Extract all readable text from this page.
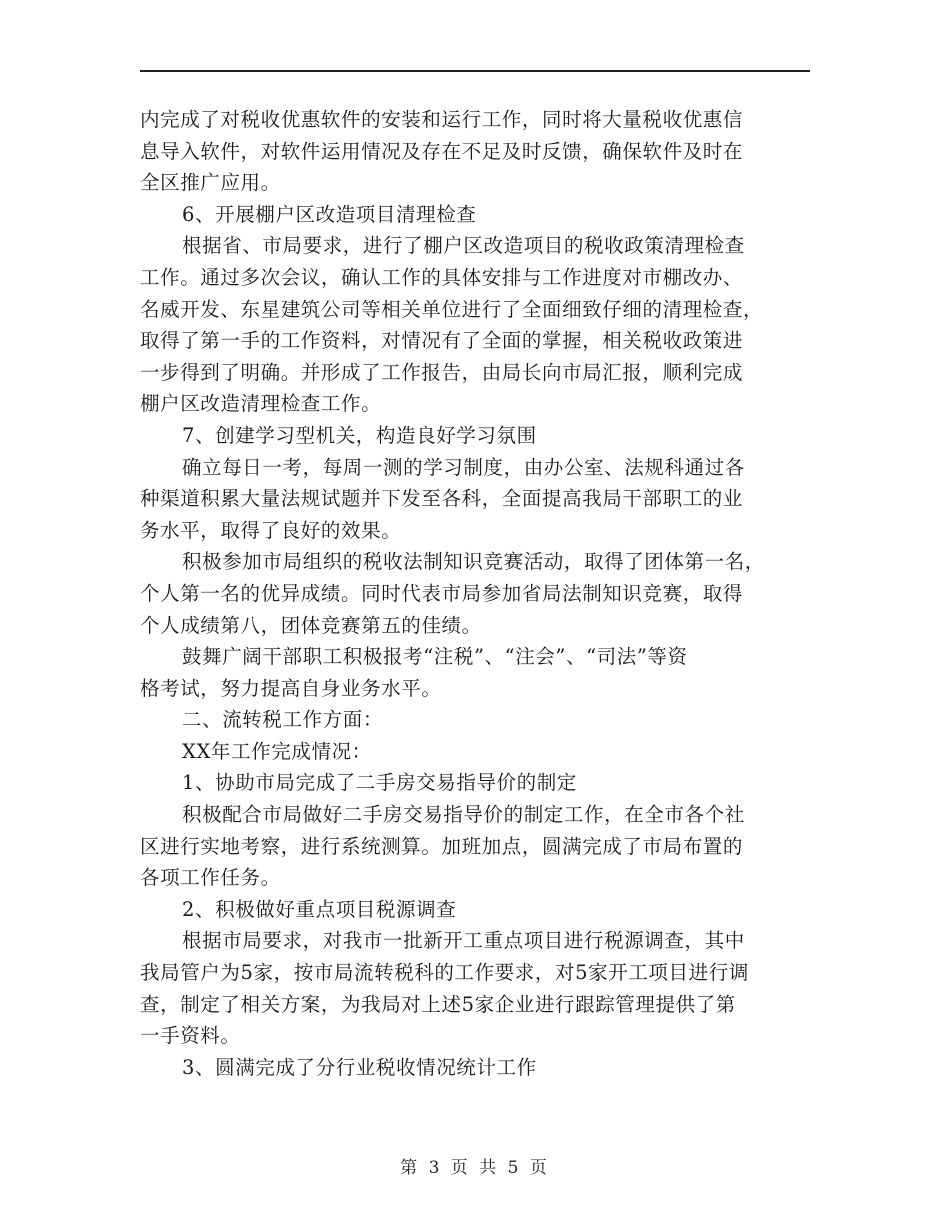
内完成了对税收优惠软件的安装和运行工作，同时将大量税收优惠信
息导入软件，对软件运用情况及存在不足及时反馈，确保软件及时在
全区推广应用。
6、开展棚户区改造项目清理检查
根据省、市局要求，进行了棚户区改造项目的税收政策清理检查
工作。通过多次会议，确认工作的具体安排与工作进度对市棚改办、
名威开发、东星建筑公司等相关单位进行了全面细致仔细的清理检查，
取得了第一手的工作资料，对情况有了全面的掌握，相关税收政策进
一步得到了明确。并形成了工作报告，由局长向市局汇报，顺利完成
棚户区改造清理检查工作。
7、创建学习型机关，构造良好学习氛围
确立每日一考，每周一测的学习制度，由办公室、法规科通过各
种渠道积累大量法规试题并下发至各科，全面提高我局干部职工的业
务水平，取得了良好的效果。
积极参加市局组织的税收法制知识竞赛活动，取得了团体第一名，
个人第一名的优异成绩。同时代表市局参加省局法制知识竞赛，取得
个人成绩第八，团体竞赛第五的佳绩。
鼓舞广阔干部职工积极报考“注税”、“注会”、“司法”等资
格考试，努力提高自身业务水平。
二、流转税工作方面：
XX年工作完成情况：
1、协助市局完成了二手房交易指导价的制定
积极配合市局做好二手房交易指导价的制定工作，在全市各个社
区进行实地考察，进行系统测算。加班加点，圆满完成了市局布置的
各项工作任务。
2、积极做好重点项目税源调查
根据市局要求，对我市一批新开工重点项目进行税源调查，其中
我局管户为5家，按市局流转税科的工作要求，对5家开工项目进行调
查，制定了相关方案，为我局对上述5家企业进行跟踪管理提供了第
一手资料。
3、圆满完成了分行业税收情况统计工作
第 3 页 共 5 页
